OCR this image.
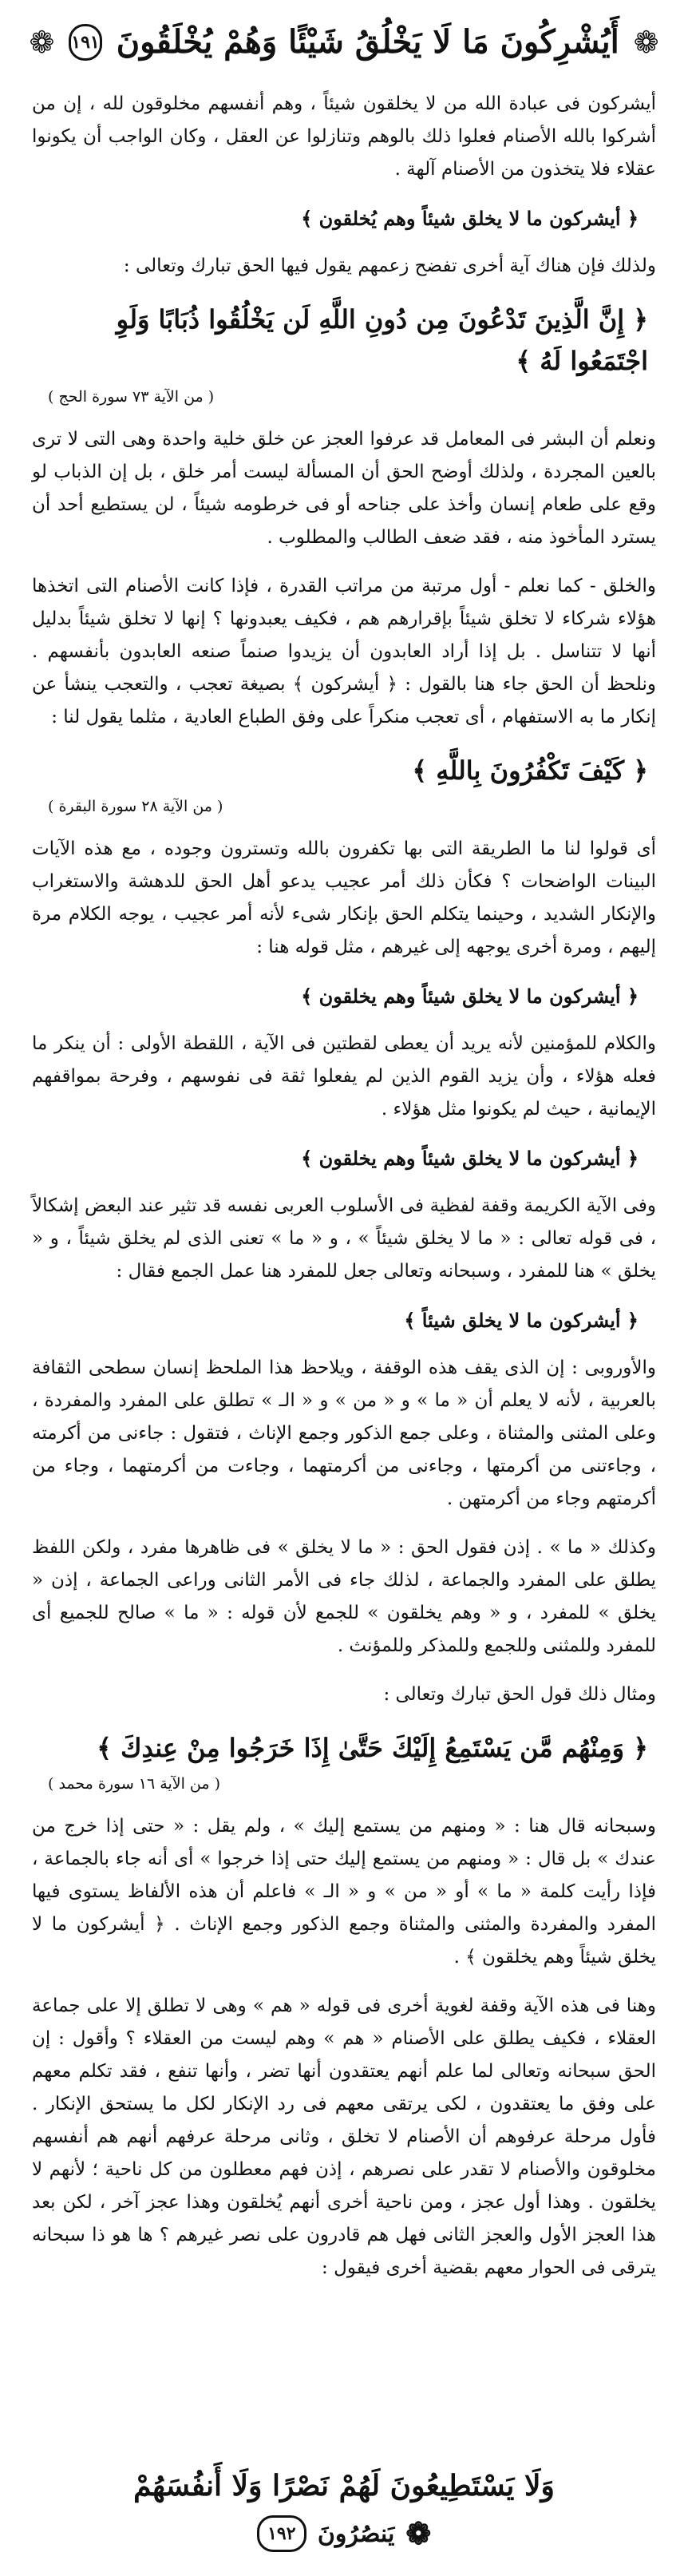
❁
أَيُشْرِكُونَ مَا لَا يَخْلُقُ شَيْئًا وَهُمْ يُخْلَقُونَ
١٩١
❁
أيشركون فى عبادة الله من لا يخلقون شيئاً ، وهم أنفسهم مخلوقون لله ، إن من أشركوا بالله الأصنام فعلوا ذلك بالوهم وتنازلوا عن العقل ، وكان الواجب أن يكونوا عقلاء فلا يتخذون من الأصنام آلهة .
﴿ أيشركون ما لا يخلق شيئاً وهم يُخلقون ﴾
ولذلك فإن هناك آية أخرى تفضح زعمهم يقول فيها الحق تبارك وتعالى :
﴿ إِنَّ الَّذِينَ تَدْعُونَ مِن دُونِ اللَّهِ لَن يَخْلُقُوا ذُبَابًا وَلَوِ اجْتَمَعُوا لَهُ ﴾
( من الآية ٧٣ سورة الحج )
ونعلم أن البشر فى المعامل قد عرفوا العجز عن خلق خلية واحدة وهى التى لا ترى بالعين المجردة ، ولذلك أوضح الحق أن المسألة ليست أمر خلق ، بل إن الذباب لو وقع على طعام إنسان وأخذ على جناحه أو فى خرطومه شيئاً ، لن يستطيع أحد أن يسترد المأخوذ منه ، فقد ضعف الطالب والمطلوب .
والخلق - كما نعلم - أول مرتبة من مراتب القدرة ، فإذا كانت الأصنام التى اتخذها هؤلاء شركاء لا تخلق شيئاً بإقرارهم هم ، فكيف يعبدونها ؟ إنها لا تخلق شيئاً بدليل أنها لا تتناسل . بل إذا أراد العابدون أن يزيدوا صنماً صنعه العابدون بأنفسهم . ونلحظ أن الحق جاء هنا بالقول : ﴿ أيشركون ﴾ بصيغة تعجب ، والتعجب ينشأ عن إنكار ما به الاستفهام ، أى تعجب منكراً على وفق الطباع العادية ، مثلما يقول لنا :
﴿ كَيْفَ تَكْفُرُونَ بِاللَّهِ ﴾
( من الآية ٢٨ سورة البقرة )
أى قولوا لنا ما الطريقة التى بها تكفرون بالله وتسترون وجوده ، مع هذه الآيات البينات الواضحات ؟ فكأن ذلك أمر عجيب يدعو أهل الحق للدهشة والاستغراب والإنكار الشديد ، وحينما يتكلم الحق بإنكار شىء لأنه أمر عجيب ، يوجه الكلام مرة إليهم ، ومرة أخرى يوجهه إلى غيرهم ، مثل قوله هنا :
﴿ أيشركون ما لا يخلق شيئاً وهم يخلقون ﴾
والكلام للمؤمنين لأنه يريد أن يعطى لقطتين فى الآية ، اللقطة الأولى : أن ينكر ما فعله هؤلاء ، وأن يزيد القوم الذين لم يفعلوا ثقة فى نفوسهم ، وفرحة بمواقفهم الإيمانية ، حيث لم يكونوا مثل هؤلاء .
﴿ أيشركون ما لا يخلق شيئاً وهم يخلقون ﴾
وفى الآية الكريمة وقفة لفظية فى الأسلوب العربى نفسه قد تثير عند البعض إشكالاً ، فى قوله تعالى : « ما لا يخلق شيئاً » ، و « ما » تعنى الذى لم يخلق شيئاً ، و « يخلق » هنا للمفرد ، وسبحانه وتعالى جعل للمفرد هنا عمل الجمع فقال :
﴿ أيشركون ما لا يخلق شيئاً ﴾
والأوروبى : إن الذى يقف هذه الوقفة ، ويلاحظ هذا الملحظ إنسان سطحى الثقافة بالعربية ، لأنه لا يعلم أن « ما » و « من » و « الـ » تطلق على المفرد والمفردة ، وعلى المثنى والمثناة ، وعلى جمع الذكور وجمع الإناث ، فتقول : جاءنى من أكرمته ، وجاءتنى من أكرمتها ، وجاءنى من أكرمتهما ، وجاءت من أكرمتهما ، وجاء من أكرمتهم وجاء من أكرمتهن .
وكذلك « ما » . إذن فقول الحق : « ما لا يخلق » فى ظاهرها مفرد ، ولكن اللفظ يطلق على المفرد والجماعة ، لذلك جاء فى الأمر الثانى وراعى الجماعة ، إذن « يخلق » للمفرد ، و « وهم يخلقون » للجمع لأن قوله : « ما » صالح للجميع أى للمفرد وللمثنى وللجمع وللمذكر وللمؤنث .
ومثال ذلك قول الحق تبارك وتعالى :
﴿ وَمِنْهُم مَّن يَسْتَمِعُ إِلَيْكَ حَتَّىٰ إِذَا خَرَجُوا مِنْ عِندِكَ ﴾
( من الآية ١٦ سورة محمد )
وسبحانه قال هنا : « ومنهم من يستمع إليك » ، ولم يقل : « حتى إذا خرج من عندك » بل قال : « ومنهم من يستمع إليك حتى إذا خرجوا » أى أنه جاء بالجماعة ، فإذا رأيت كلمة « ما » أو « من » و « الـ » فاعلم أن هذه الألفاظ يستوى فيها المفرد والمفردة والمثنى والمثناة وجمع الذكور وجمع الإناث . ﴿ أيشركون ما لا يخلق شيئاً وهم يخلقون ﴾ .
وهنا فى هذه الآية وقفة لغوية أخرى فى قوله « هم » وهى لا تطلق إلا على جماعة العقلاء ، فكيف يطلق على الأصنام « هم » وهم ليست من العقلاء ؟ وأقول : إن الحق سبحانه وتعالى لما علم أنهم يعتقدون أنها تضر ، وأنها تنفع ، فقد تكلم معهم على وفق ما يعتقدون ، لكى يرتقى معهم فى رد الإنكار لكل ما يستحق الإنكار . فأول مرحلة عرفوهم أن الأصنام لا تخلق ، وثانى مرحلة عرفهم أنهم هم أنفسهم مخلوقون والأصنام لا تقدر على نصرهم ، إذن فهم معطلون من كل ناحية ؛ لأنهم لا يخلقون . وهذا أول عجز ، ومن ناحية أخرى أنهم يُخلقون وهذا عجز آخر ، لكن بعد هذا العجز الأول والعجز الثانى فهل هم قادرون على نصر غيرهم ؟ ها هو ذا سبحانه يترقى فى الحوار معهم بقضية أخرى فيقول :
وَلَا يَسْتَطِيعُونَ لَهُمْ نَصْرًا وَلَا أَنفُسَهُمْ
❁
يَنصُرُونَ
١٩٢
